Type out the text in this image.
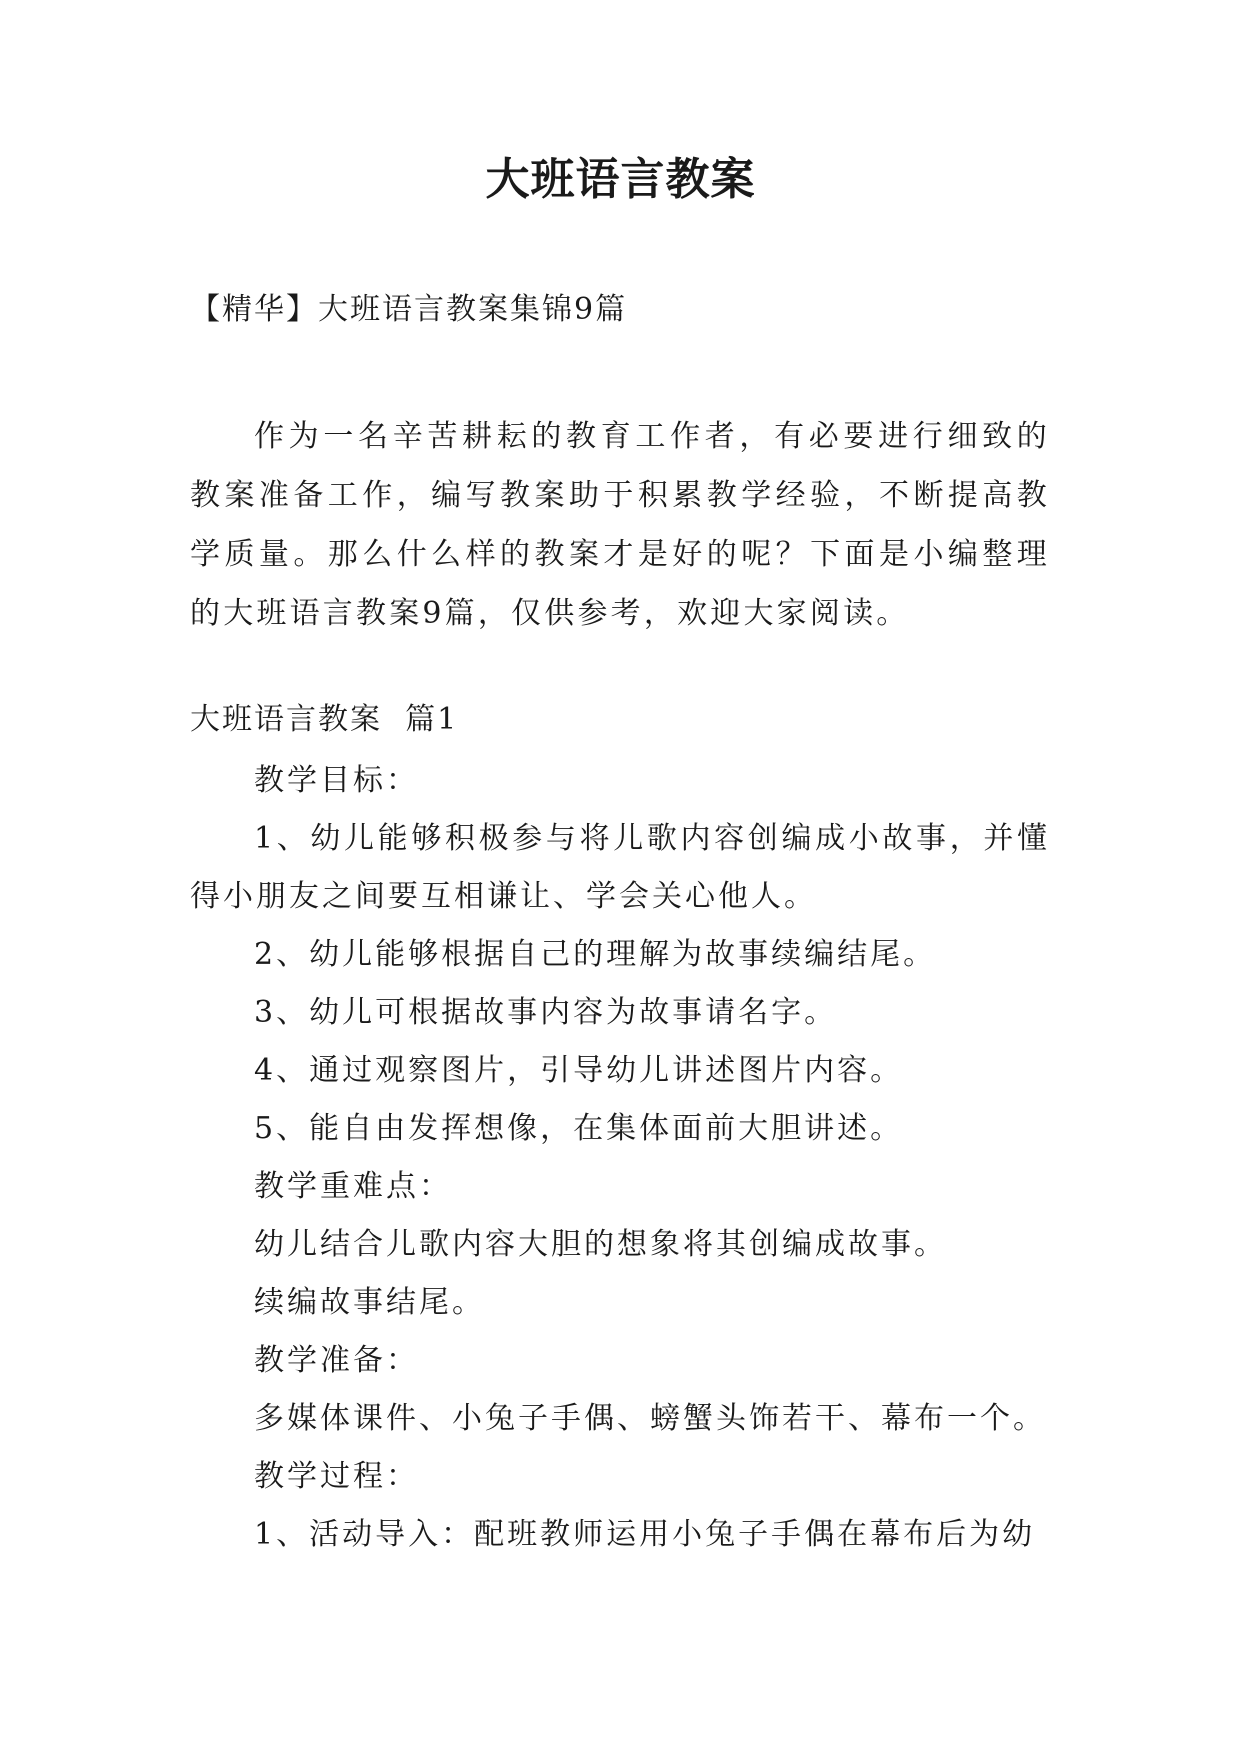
大班语言教案
【精华】大班语言教案集锦9篇
作为一名辛苦耕耘的教育工作者，有必要进行细致的教案准备工作，编写教案助于积累教学经验，不断提高教学质量。那么什么样的教案才是好的呢？下面是小编整理的大班语言教案9篇，仅供参考，欢迎大家阅读。
大班语言教案  篇1

教学目标：

1、幼儿能够积极参与将儿歌内容创编成小故事，并懂得小朋友之间要互相谦让、学会关心他人。

2、幼儿能够根据自己的理解为故事续编结尾。

3、幼儿可根据故事内容为故事请名字。

4、通过观察图片，引导幼儿讲述图片内容。

5、能自由发挥想像，在集体面前大胆讲述。

教学重难点：

幼儿结合儿歌内容大胆的想象将其创编成故事。

续编故事结尾。

教学准备：

多媒体课件、小兔子手偶、螃蟹头饰若干、幕布一个。

教学过程：

1、活动导入：配班教师运用小兔子手偶在幕布后为幼
